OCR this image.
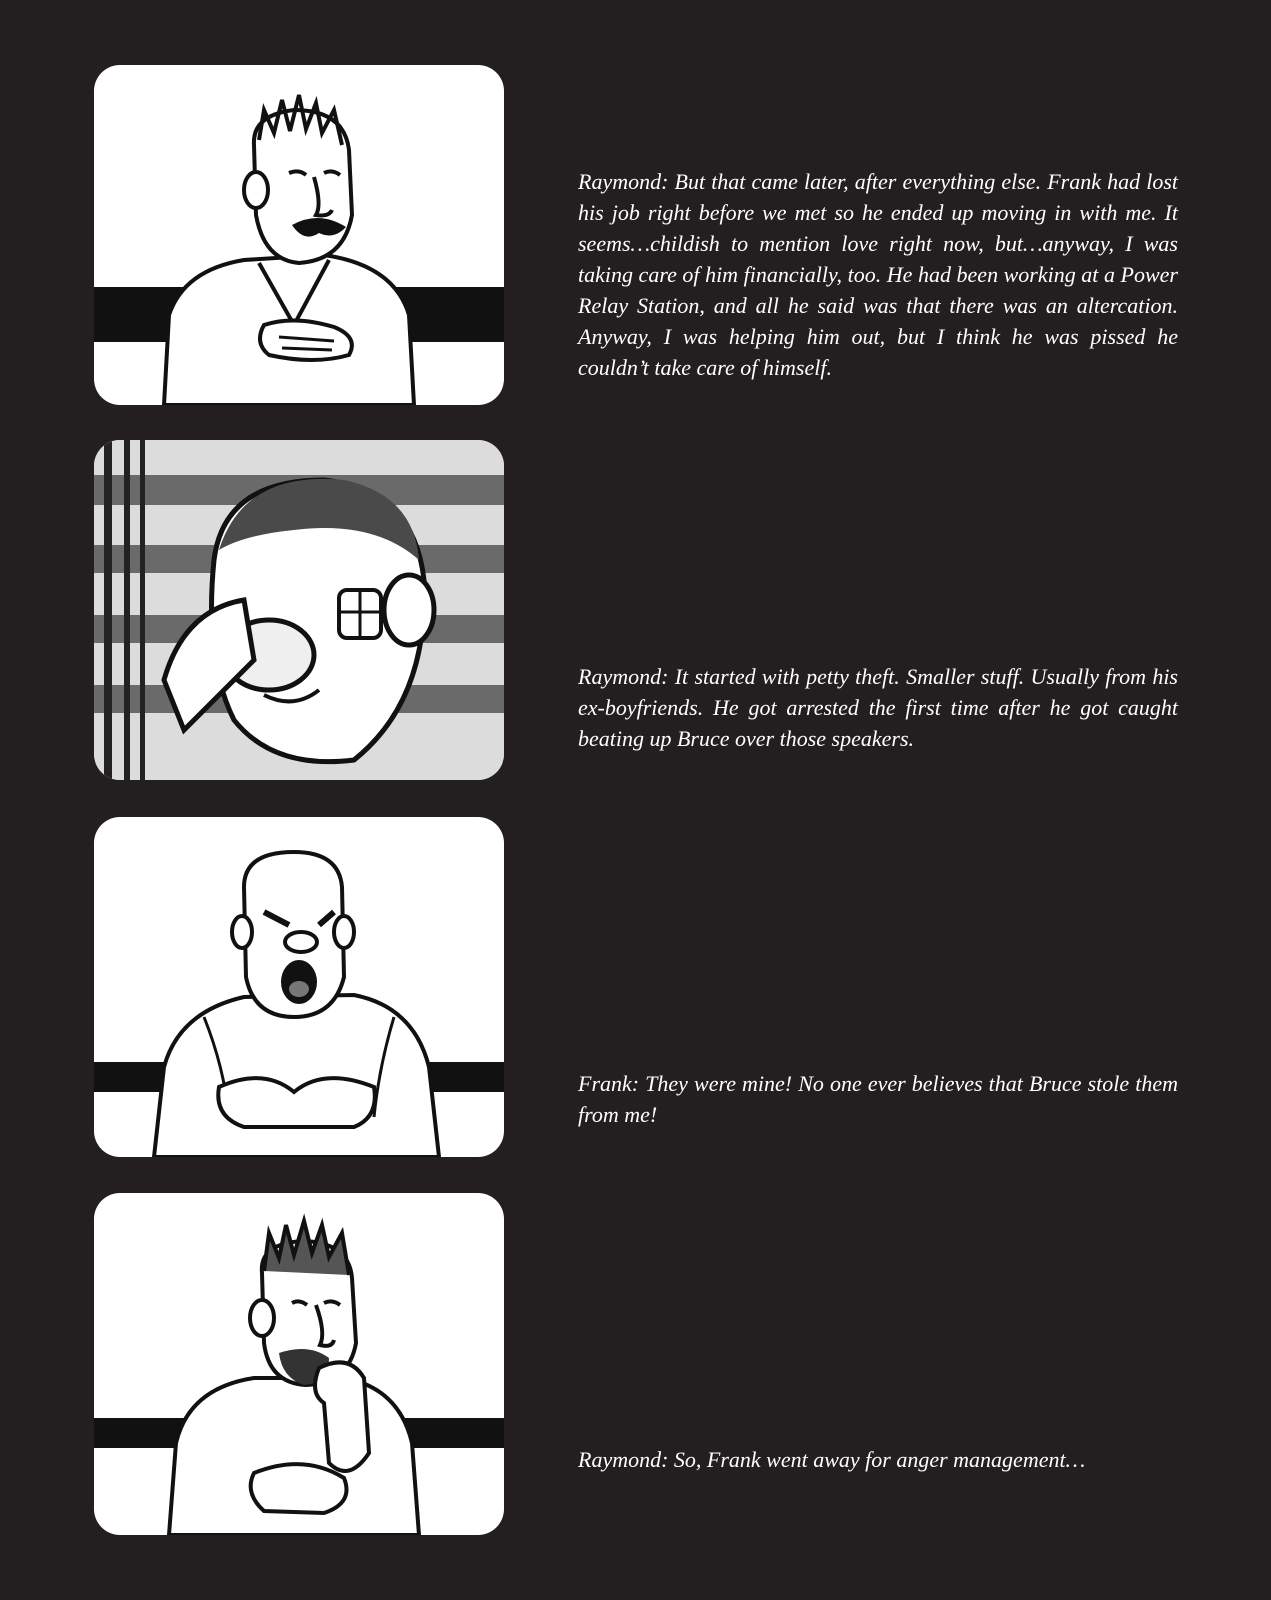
Raymond: But that came later, after everything else. Frank had lost his job right before we met so he ended up moving in with me. It seems…childish to mention love right now, but…anyway, I was taking care of him financially, too. He had been working at a Power Relay Station, and all he said was that there was an altercation. Anyway, I was helping him out, but I think he was pissed he couldn’t take care of himself.

Raymond: It started with petty theft. Smaller stuff. Usually from his ex-boyfriends. He got arrested the first time after he got caught beating up Bruce over those speakers.

Frank: They were mine! No one ever believes that Bruce stole them from me!

Raymond: So, Frank went away for anger management…
